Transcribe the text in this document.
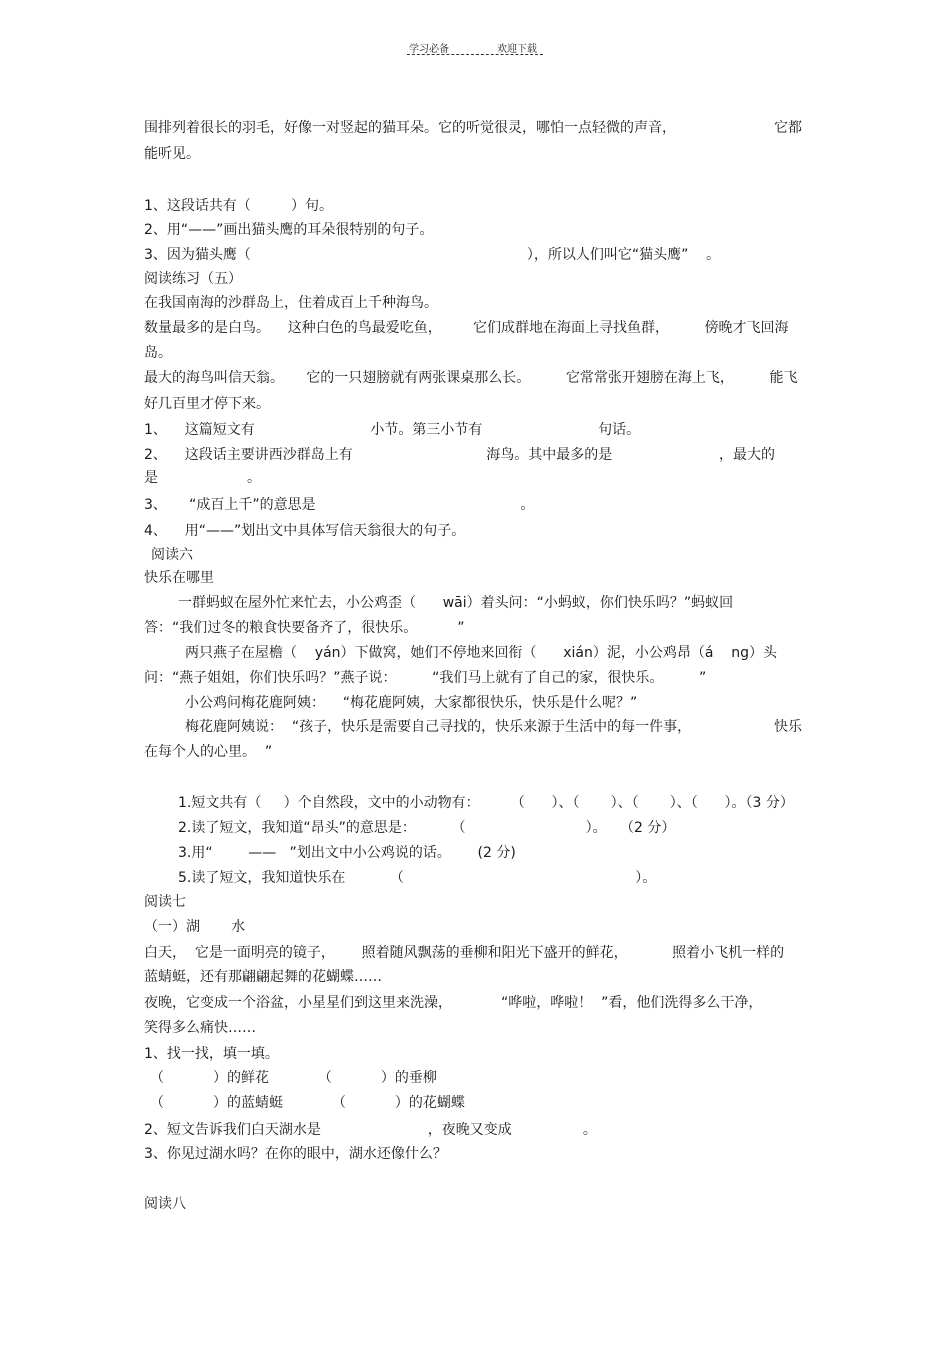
学习必备	欢迎下载
围排列着很长的羽毛，好像一对竖起的猫耳朵。它的听觉很灵，哪怕一点轻微的声音，	它都
能听见。
1、这段话共有（         ）句。
2、用“——”画出猫头鹰的耳朵很特别的句子。
3、因为猫头鹰（                                                              ），所以人们叫它“猫头鹰”    。
阅读练习（五）
在我国南海的沙群岛上，住着成百上千种海鸟。
数量最多的是白鸟。    这种白色的鸟最爱吃鱼，       它们成群地在海面上寻找鱼群，        傍晚才飞回海
岛。
最大的海鸟叫信天翁。     它的一只翅膀就有两张课桌那么长。        它常常张开翅膀在海上飞，        能飞
好几百里才停下来。
1、    这篇短文有                          小节。第三小节有                          句话。
2、    这段话主要讲西沙群岛上有                              海鸟。其中最多的是                        ，最大的
是                    。
3、     “成百上千”的意思是                                              。
4、    用“——”划出文中具体写信天翁很大的句子。
阅读六
快乐在哪里
一群蚂蚁在屋外忙来忙去，小公鸡歪（      wāi）着头问：“小蚂蚁，你们快乐吗？”蚂蚁回
答：“我们过冬的粮食快要备齐了，很快乐。         ”
两只燕子在屋檐（    yán）下做窝，她们不停地来回衔（      xián）泥，小公鸡昂（á    ng）头
问：“燕子姐姐，你们快乐吗？”燕子说：        “我们马上就有了自己的家，很快乐。        ”
小公鸡问梅花鹿阿姨：    “梅花鹿阿姨，大家都很快乐，快乐是什么呢？”
梅花鹿阿姨说：  “孩子，快乐是需要自己寻找的，快乐来源于生活中的每一件事，	快乐
在每个人的心里。  ”
1.短文共有（     ）个自然段，文中的小动物有：       （      ）、（       ）、（       ）、（      ）。（3 分）
2.读了短文，我知道“昂头”的意思是：        （                           ）。   （2 分）
3.用“        ——   ”划出文中小公鸡说的话。      (2 分)
5.读了短文，我知道快乐在          （                                                    ）。
阅读七
（一）湖       水
白天，  它是一面明亮的镜子，      照着随风飘荡的垂柳和阳光下盛开的鲜花，          照着小飞机一样的
蓝蜻蜓，还有那翩翩起舞的花蝴蝶……
夜晚，它变成一个浴盆，小星星们到这里来洗澡，           “哗啦，哗啦！  ”看，他们洗得多么干净，
笑得多么痛快……
1、找一找，填一填。
（           ）的鲜花           （           ）的垂柳
（           ）的蓝蜻蜓           （           ）的花蝴蝶
2、短文告诉我们白天湖水是                        ，夜晚又变成                。
3、你见过湖水吗？在你的眼中，湖水还像什么？
阅读八
